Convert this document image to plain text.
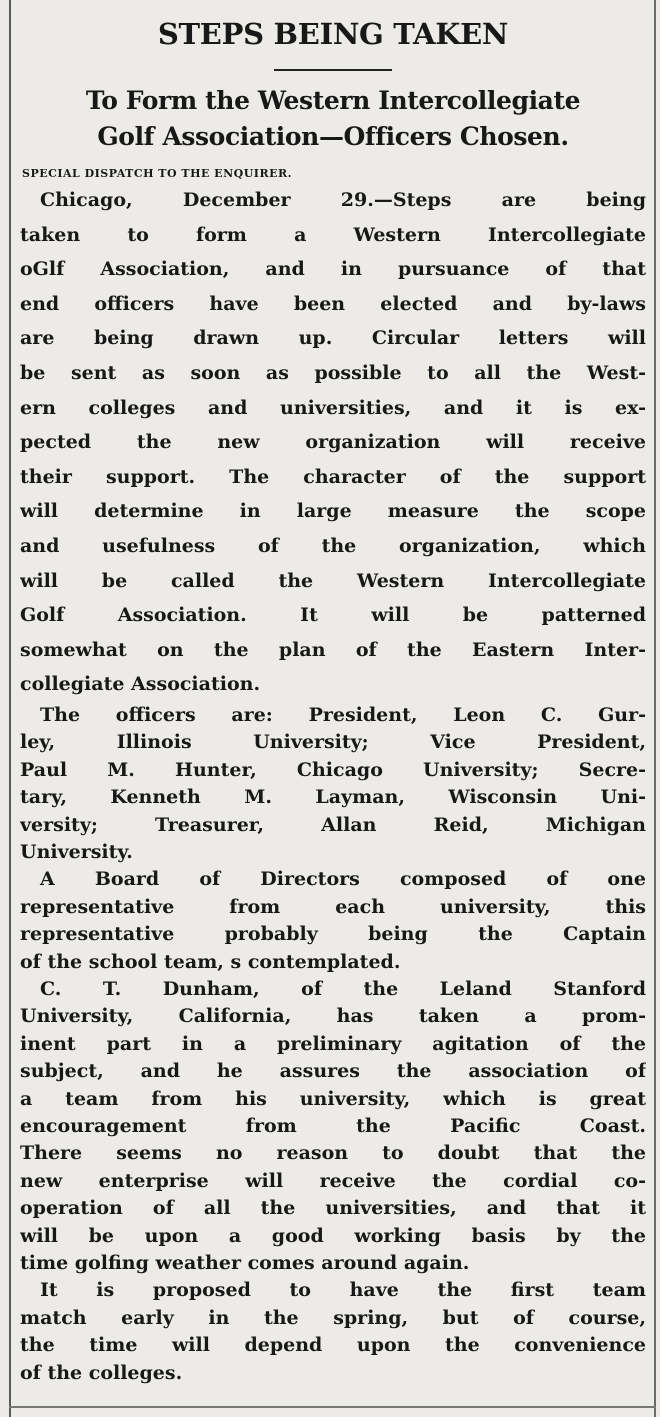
STEPS BEING TAKEN
To Form the Western Intercollegiate
Golf Association—Officers Chosen.
SPECIAL DISPATCH TO THE ENQUIRER.
Chicago, December 29.—Steps are being
taken to form a Western Intercollegiate
oGlf Association, and in pursuance of that
end officers have been elected and by-laws
are being drawn up. Circular letters will
be sent as soon as possible to all the West-
ern colleges and universities, and it is ex-
pected the new organization will receive
their support. The character of the support
will determine in large measure the scope
and usefulness of the organization, which
will be called the Western Intercollegiate
Golf Association. It will be patterned
somewhat on the plan of the Eastern Inter-
collegiate Association.
The officers are: President, Leon C. Gur-
ley, Illinois University; Vice President,
Paul M. Hunter, Chicago University; Secre-
tary, Kenneth M. Layman, Wisconsin Uni-
versity; Treasurer, Allan Reid, Michigan
University.
A Board of Directors composed of one
representative from each university, this
representative probably being the Captain
of the school team, s contemplated.
C. T. Dunham, of the Leland Stanford
University, California, has taken a prom-
inent part in a preliminary agitation of the
subject, and he assures the association of
a team from his university, which is great
encouragement from the Pacific Coast.
There seems no reason to doubt that the
new enterprise will receive the cordial co-
operation of all the universities, and that it
will be upon a good working basis by the
time golfing weather comes around again.
It is proposed to have the first team
match early in the spring, but of course,
the time will depend upon the convenience
of the colleges.
